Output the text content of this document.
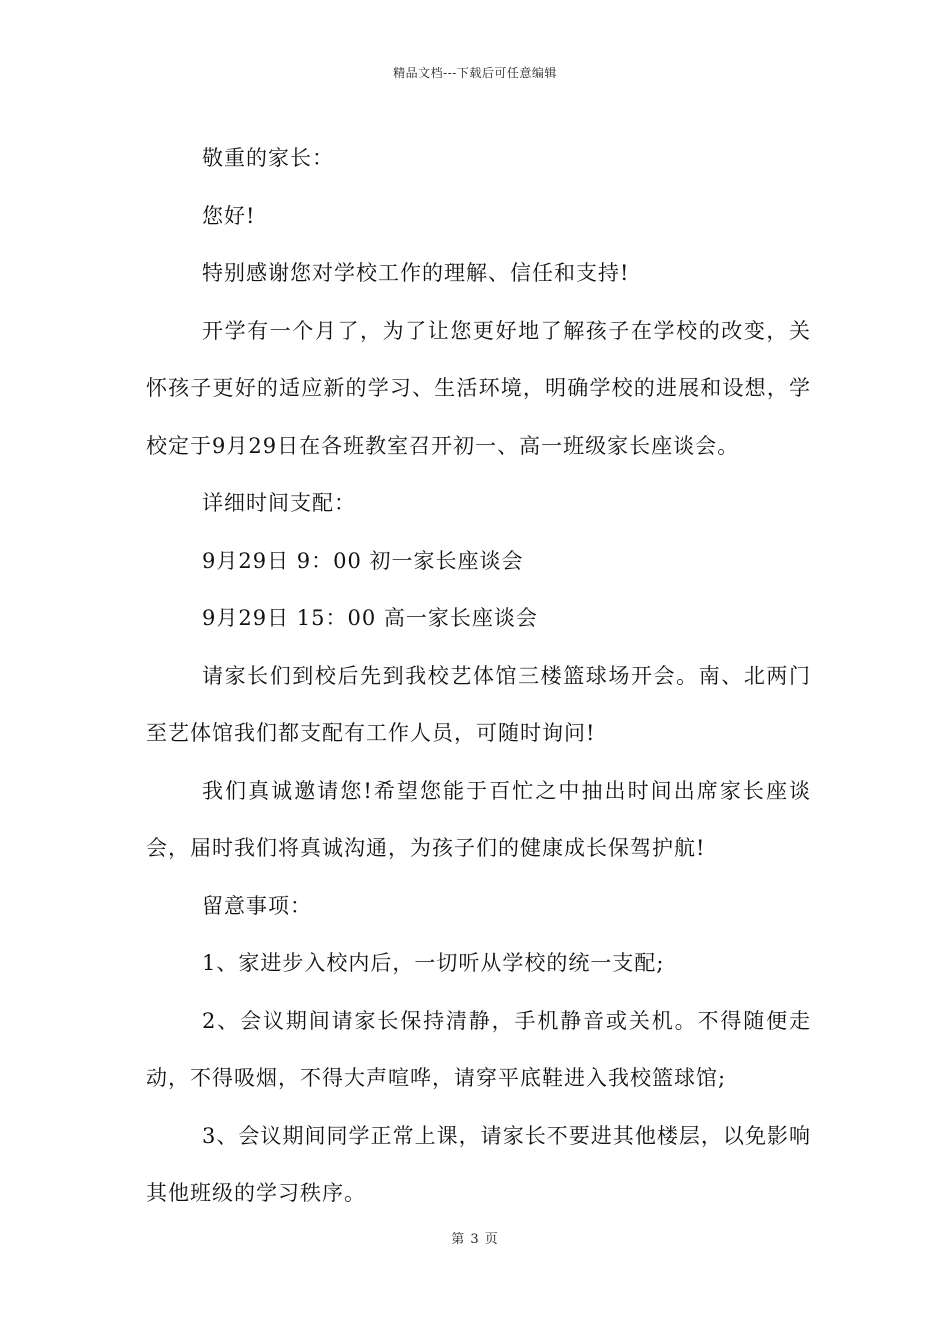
精品文档---下载后可任意编辑

敬重的家长：

您好!

特别感谢您对学校工作的理解、信任和支持!

开学有一个月了，为了让您更好地了解孩子在学校的改变，关怀孩子更好的适应新的学习、生活环境，明确学校的进展和设想，学校定于9月29日在各班教室召开初一、高一班级家长座谈会。

详细时间支配：

9月29日 9：00 初一家长座谈会

9月29日 15：00 高一家长座谈会

请家长们到校后先到我校艺体馆三楼篮球场开会。南、北两门至艺体馆我们都支配有工作人员，可随时询问!

我们真诚邀请您!希望您能于百忙之中抽出时间出席家长座谈会，届时我们将真诚沟通，为孩子们的健康成长保驾护航!

留意事项：

1、家进步入校内后，一切听从学校的统一支配;

2、会议期间请家长保持清静，手机静音或关机。不得随便走动，不得吸烟，不得大声喧哗，请穿平底鞋进入我校篮球馆;

3、会议期间同学正常上课，请家长不要进其他楼层，以免影响其他班级的学习秩序。

第 3 页
